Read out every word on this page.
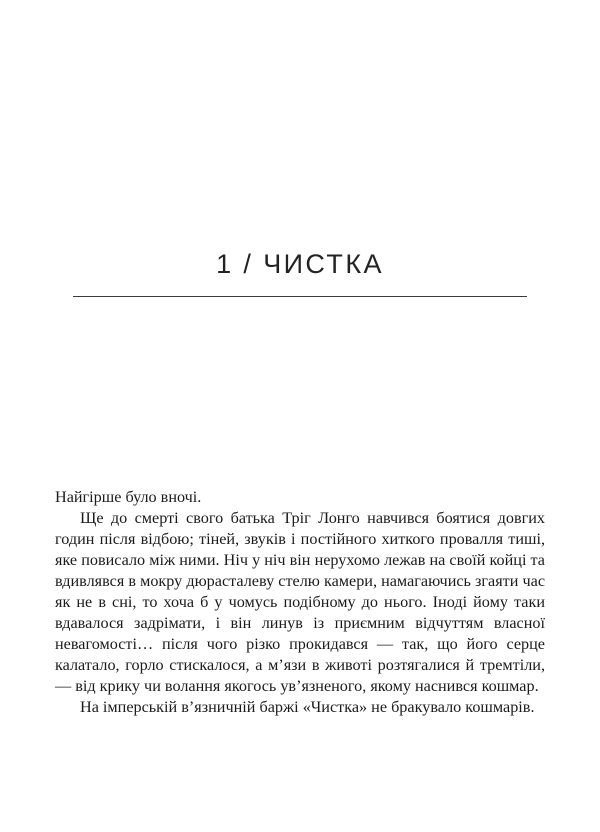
1 / ЧИСТКА

Найгірше було вночі.

Ще до смерті свого батька Тріг Лонго навчився боятися довгих годин після відбою; тіней, звуків і постійного хиткого провалля тиші, яке повисало між ними. Ніч у ніч він нерухомо лежав на своїй койці та вдивлявся в мокру дюрасталеву стелю камери, намагаючись згаяти час як не в сні, то хоча б у чомусь подібному до нього. Іноді йому таки вдавалося задрімати, і він линув із приємним відчуттям власної невагомості… після чого різко прокидався — так, що його серце калатало, горло стискалося, а м’язи в животі розтягалися й тремтіли, — від крику чи волання якогось ув’язненого, якому наснився кошмар.

На імперській в’язничній баржі «Чистка» не бракувало кошмарів.
